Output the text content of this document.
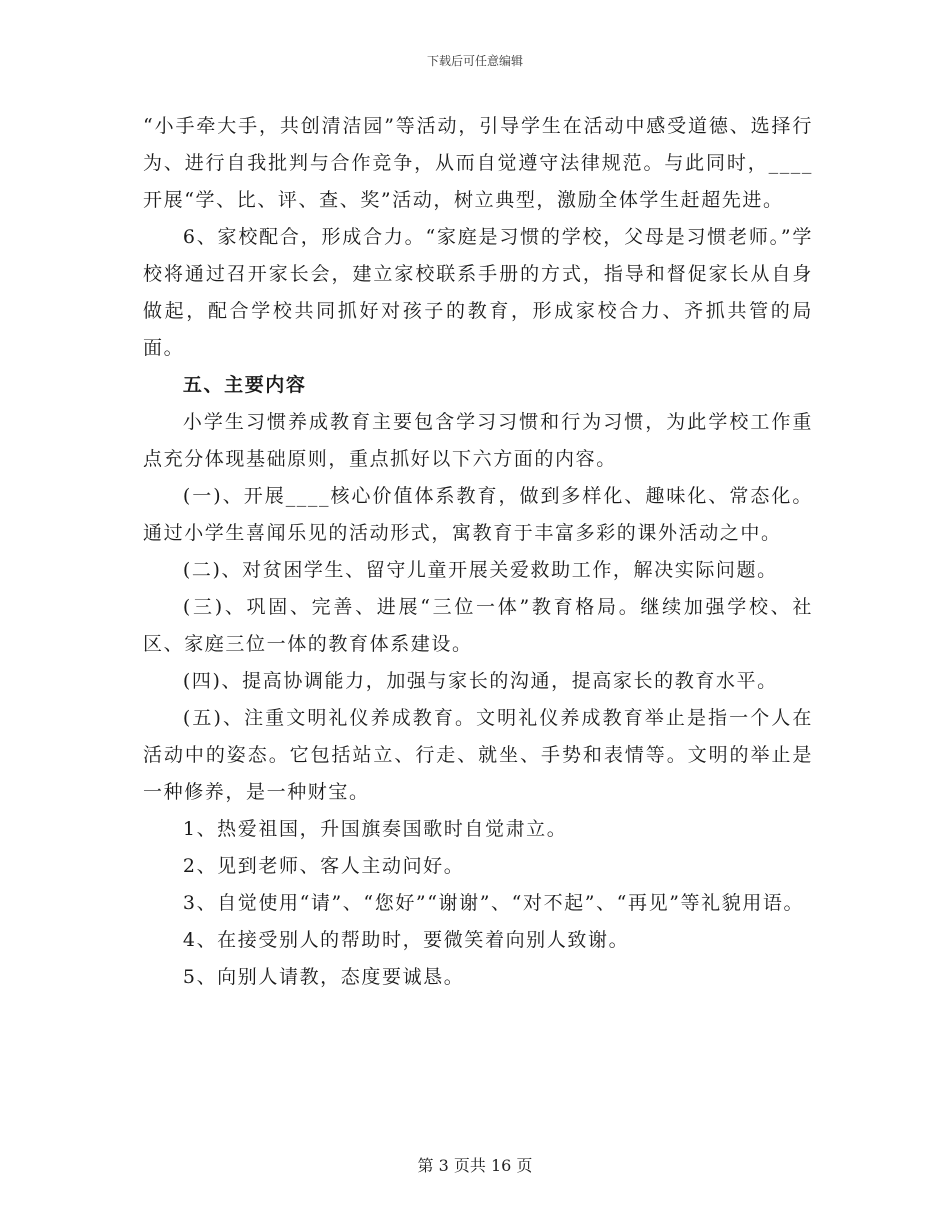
下载后可任意编辑

“小手牵大手，共创清洁园”等活动，引导学生在活动中感受道德、选择行为、进行自我批判与合作竞争，从而自觉遵守法律规范。与此同时，____开展“学、比、评、查、奖”活动，树立典型，激励全体学生赶超先进。

6、家校配合，形成合力。“家庭是习惯的学校，父母是习惯老师。”学校将通过召开家长会，建立家校联系手册的方式，指导和督促家长从自身做起，配合学校共同抓好对孩子的教育，形成家校合力、齐抓共管的局面。

五、主要内容

小学生习惯养成教育主要包含学习习惯和行为习惯，为此学校工作重点充分体现基础原则，重点抓好以下六方面的内容。

(一)、开展____核心价值体系教育，做到多样化、趣味化、常态化。通过小学生喜闻乐见的活动形式，寓教育于丰富多彩的课外活动之中。

(二)、对贫困学生、留守儿童开展关爱救助工作，解决实际问题。

(三)、巩固、完善、进展“三位一体”教育格局。继续加强学校、社区、家庭三位一体的教育体系建设。

(四)、提高协调能力，加强与家长的沟通，提高家长的教育水平。

(五)、注重文明礼仪养成教育。文明礼仪养成教育举止是指一个人在活动中的姿态。它包括站立、行走、就坐、手势和表情等。文明的举止是一种修养，是一种财宝。

1、热爱祖国，升国旗奏国歌时自觉肃立。

2、见到老师、客人主动问好。

3、自觉使用“请”、“您好”“谢谢”、“对不起”、“再见”等礼貌用语。

4、在接受别人的帮助时，要微笑着向别人致谢。

5、向别人请教，态度要诚恳。

第 3 页共 16 页
